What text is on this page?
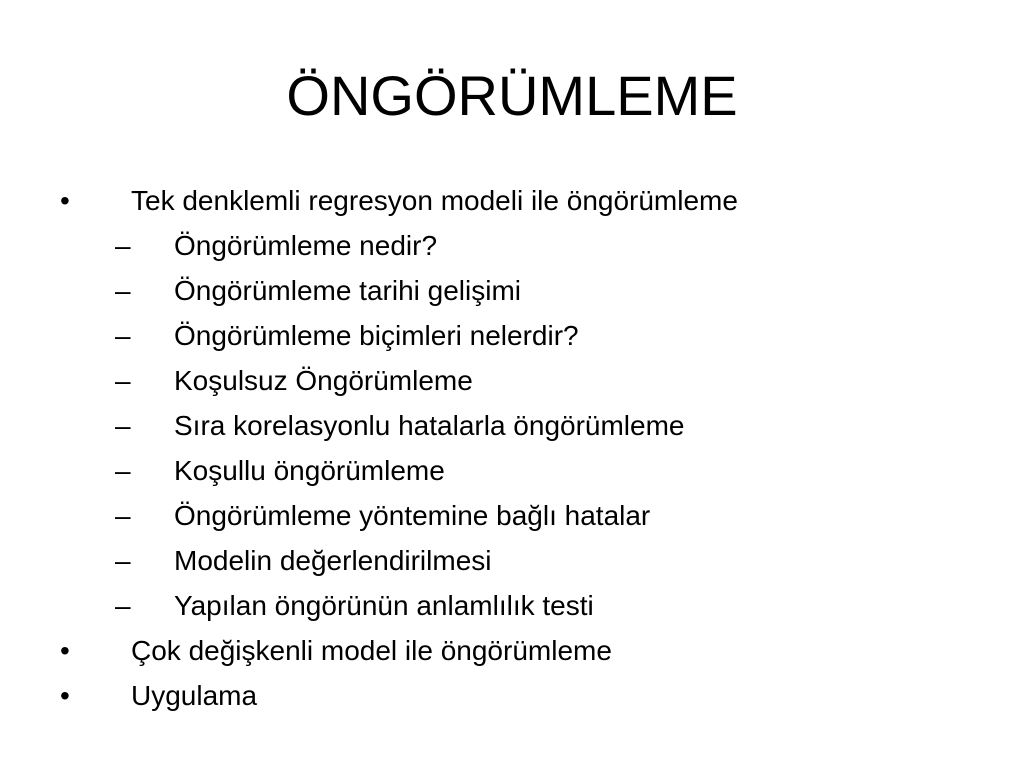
ÖNGÖRÜMLEME
• Tek denklemli regresyon modeli ile öngörümleme
– Öngörümleme nedir?
– Öngörümleme tarihi gelişimi
– Öngörümleme biçimleri nelerdir?
– Koşulsuz Öngörümleme
– Sıra korelasyonlu hatalarla öngörümleme
– Koşullu öngörümleme
– Öngörümleme yöntemine bağlı hatalar
– Modelin değerlendirilmesi
– Yapılan öngörünün anlamlılık testi
• Çok değişkenli model ile öngörümleme
• Uygulama
